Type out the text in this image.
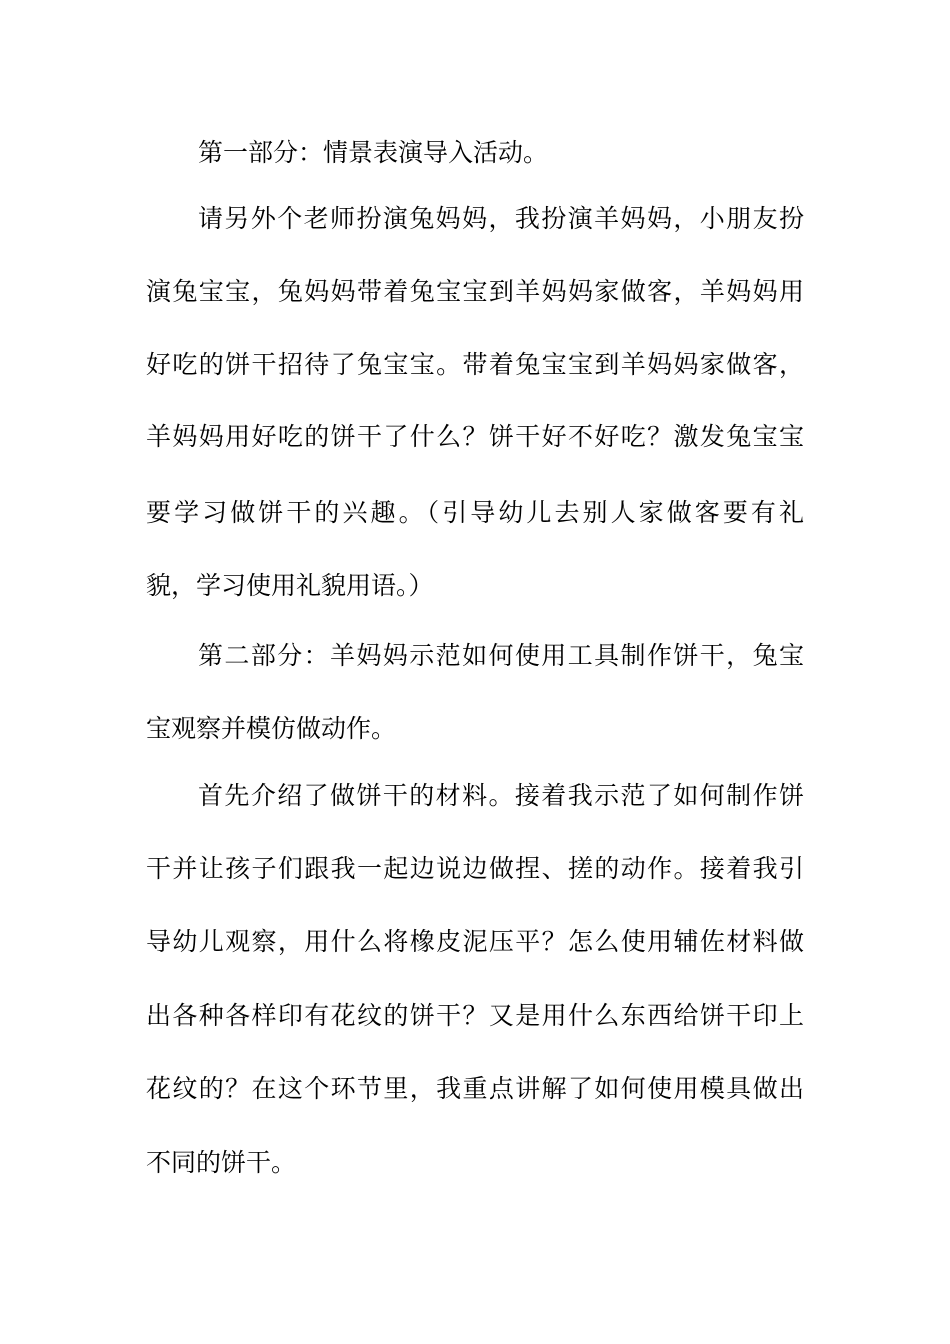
第一部分：情景表演导入活动。
请另外个老师扮演兔妈妈，我扮演羊妈妈，小朋友扮
演兔宝宝，兔妈妈带着兔宝宝到羊妈妈家做客，羊妈妈用
好吃的饼干招待了兔宝宝。带着兔宝宝到羊妈妈家做客，
羊妈妈用好吃的饼干了什么？饼干好不好吃？激发兔宝宝
要学习做饼干的兴趣。（引导幼儿去别人家做客要有礼
貌，学习使用礼貌用语。）
第二部分：羊妈妈示范如何使用工具制作饼干，兔宝
宝观察并模仿做动作。
首先介绍了做饼干的材料。接着我示范了如何制作饼
干并让孩子们跟我一起边说边做捏、搓的动作。接着我引
导幼儿观察，用什么将橡皮泥压平？怎么使用辅佐材料做
出各种各样印有花纹的饼干？又是用什么东西给饼干印上
花纹的？在这个环节里，我重点讲解了如何使用模具做出
不同的饼干。
